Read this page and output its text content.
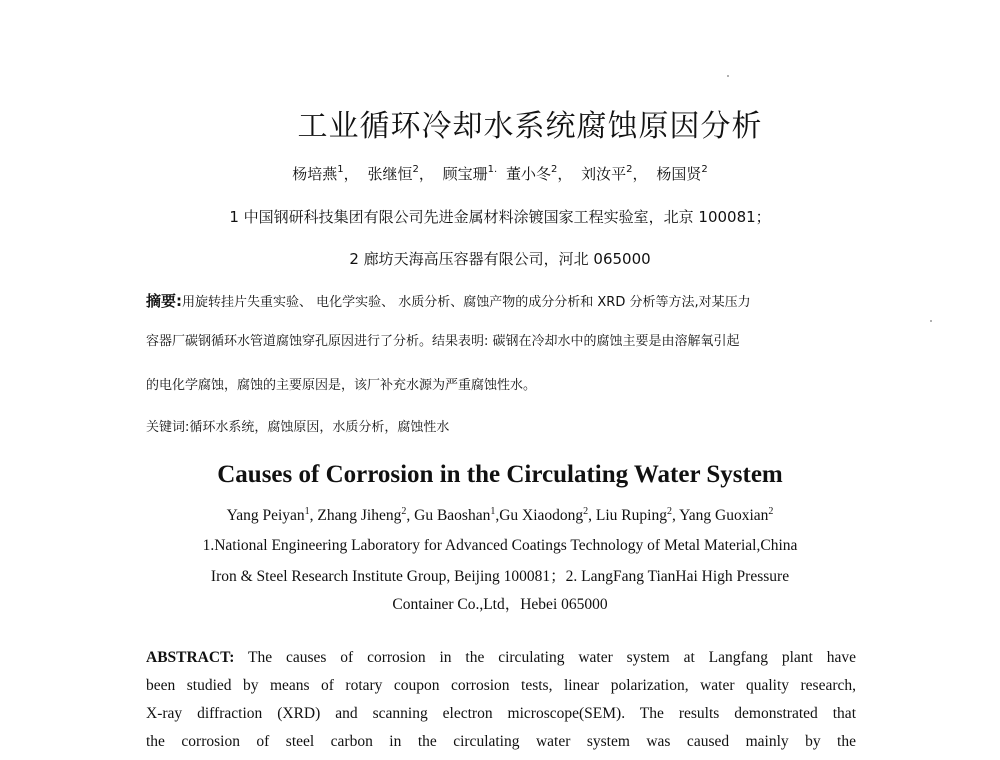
工业循环冷却水系统腐蚀原因分析
杨培燕$^1$， 张继恒$^2$， 顾宝珊$^{1.}$ 董小冬$^2$， 刘汝平$^2$， 杨国贤$^2$
1 中国钢研科技集团有限公司先进金属材料涂镀国家工程实验室，北京 100081；
2 廊坊天海高压容器有限公司，河北 065000
摘要:用旋转挂片失重实验、 电化学实验、 水质分析、腐蚀产物的成分分析和 XRD 分析等方法,对某压力
容器厂碳钢循环水管道腐蚀穿孔原因进行了分析。结果表明: 碳钢在冷却水中的腐蚀主要是由溶解氧引起
的电化学腐蚀，腐蚀的主要原因是，该厂补充水源为严重腐蚀性水。
关键词:循环水系统，腐蚀原因，水质分析，腐蚀性水
Causes of Corrosion in the Circulating Water System
Yang Peiyan$^1$, Zhang Jiheng$^2$, Gu Baoshan$^1$,Gu Xiaodong$^2$, Liu Ruping$^2$, Yang Guoxian$^2$
1.National Engineering Laboratory for Advanced Coatings Technology of Metal Material,China
Iron & Steel Research Institute Group, Beijing 100081；2. LangFang TianHai High Pressure
Container Co.,Ltd，Hebei 065000
ABSTRACT: The causes of corrosion in the circulating water system at Langfang plant have
been studied by means of rotary coupon corrosion tests, linear polarization, water quality research,
X-ray diffraction (XRD) and scanning electron microscope(SEM). The results demonstrated that
the corrosion of steel carbon in the circulating water system was caused mainly by the
